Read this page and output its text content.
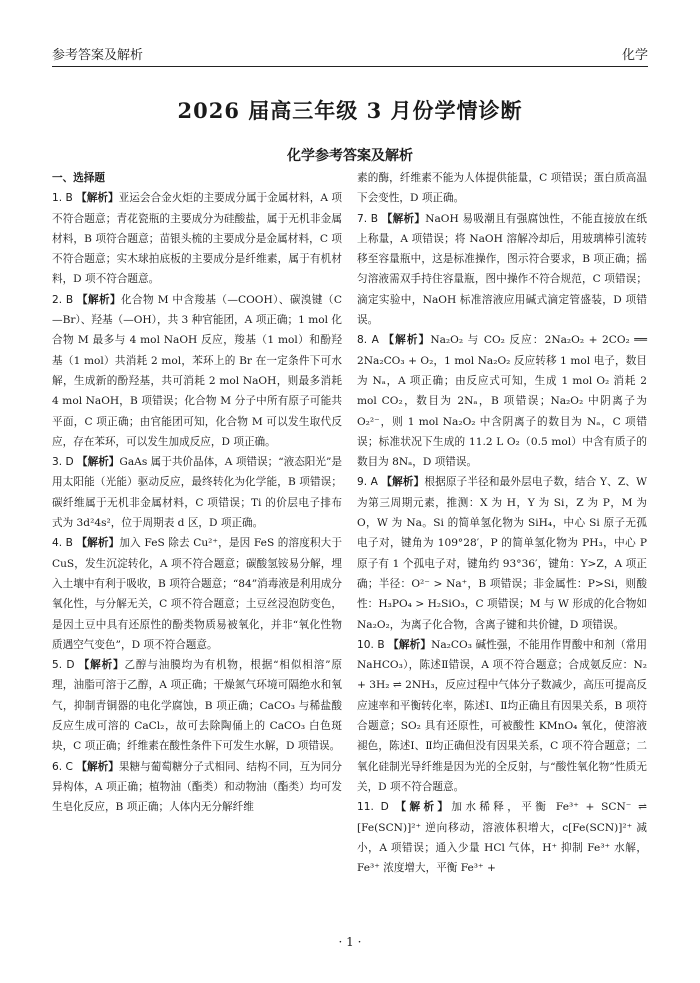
参考答案及解析	化学
2026 届高三年级 3 月份学情诊断
化学参考答案及解析
一、选择题

1. B 【解析】亚运会合金火炬的主要成分属于金属材料，A 项不符合题意；青花瓷瓶的主要成分为硅酸盐，属于无机非金属材料，B 项符合题意；苗银头梳的主要成分是金属材料，C 项不符合题意；实木球拍底板的主要成分是纤维素，属于有机材料，D 项不符合题意。

2. B 【解析】化合物 M 中含羧基（—COOH）、碳溴键（C—Br）、羟基（—OH），共 3 种官能团，A 项正确；1 mol 化合物 M 最多与 4 mol NaOH 反应，羧基（1 mol）和酚羟基（1 mol）共消耗 2 mol，苯环上的 Br 在一定条件下可水解，生成新的酚羟基，共可消耗 2 mol NaOH，则最多消耗 4 mol NaOH，B 项错误；化合物 M 分子中所有原子可能共平面，C 项正确；由官能团可知，化合物 M 可以发生取代反应，存在苯环，可以发生加成反应，D 项正确。

3. D 【解析】GaAs 属于共价晶体，A 项错误；“液态阳光”是用太阳能（光能）驱动反应，最终转化为化学能，B 项错误；碳纤维属于无机非金属材料，C 项错误；Ti 的价层电子排布式为 3d²4s²，位于周期表 d 区，D 项正确。

4. B 【解析】加入 FeS 除去 Cu²⁺，是因 FeS 的溶度积大于 CuS，发生沉淀转化，A 项不符合题意；碳酸氢铵易分解，埋入土壤中有利于吸收，B 项符合题意；“84”消毒液是利用成分氧化性，与分解无关，C 项不符合题意；土豆丝浸泡防变色，是因土豆中具有还原性的酚类物质易被氧化，并非“氧化性物质遇空气变色”，D 项不符合题意。

5. D 【解析】乙醇与油膜均为有机物，根据“相似相溶”原理，油脂可溶于乙醇，A 项正确；干燥氮气环境可隔绝水和氧气，抑制青铜器的电化学腐蚀，B 项正确；CaCO₃ 与稀盐酸反应生成可溶的 CaCl₂，故可去除陶俑上的 CaCO₃ 白色斑块，C 项正确；纤维素在酸性条件下可发生水解，D 项错误。

6. C 【解析】果糖与葡萄糖分子式相同、结构不同，互为同分异构体，A 项正确；植物油（酯类）和动物油（酯类）均可发生皂化反应，B 项正确；人体内无分解纤维

素的酶，纤维素不能为人体提供能量，C 项错误；蛋白质高温下会变性，D 项正确。

7. B 【解析】NaOH 易吸潮且有强腐蚀性，不能直接放在纸上称量，A 项错误；将 NaOH 溶解冷却后，用玻璃棒引流转移至容量瓶中，这是标准操作，图示符合要求，B 项正确；摇匀溶液需双手持住容量瓶，图中操作不符合规范，C 项错误；滴定实验中，NaOH 标准溶液应用碱式滴定管盛装，D 项错误。

8. A 【解析】Na₂O₂ 与 CO₂ 反应：2Na₂O₂ + 2CO₂ ══ 2Na₂CO₃ + O₂，1 mol Na₂O₂ 反应转移 1 mol 电子，数目为 Nₐ，A 项正确；由反应式可知，生成 1 mol O₂ 消耗 2 mol CO₂，数目为 2Nₐ，B 项错误；Na₂O₂ 中阴离子为 O₂²⁻，则 1 mol Na₂O₂ 中含阴离子的数目为 Nₐ，C 项错误；标准状况下生成的 11.2 L O₂（0.5 mol）中含有质子的数目为 8Nₐ，D 项错误。

9. A 【解析】根据原子半径和最外层电子数，结合 Y、Z、W 为第三周期元素，推测：X 为 H，Y 为 Si，Z 为 P，M 为 O，W 为 Na。Si 的简单氢化物为 SiH₄，中心 Si 原子无孤电子对，键角为 109°28′，P 的简单氢化物为 PH₃，中心 P 原子有 1 个孤电子对，键角约 93°36′，键角：Y>Z，A 项正确；半径：O²⁻ > Na⁺，B 项错误；非金属性：P>Si，则酸性：H₃PO₄ > H₂SiO₃，C 项错误；M 与 W 形成的化合物如 Na₂O₂，为离子化合物，含离子键和共价键，D 项错误。

10. B 【解析】Na₂CO₃ 碱性强，不能用作胃酸中和剂（常用 NaHCO₃），陈述Ⅱ错误，A 项不符合题意；合成氨反应：N₂ + 3H₂ ⇌ 2NH₃，反应过程中气体分子数减少，高压可提高反应速率和平衡转化率，陈述Ⅰ、Ⅱ均正确且有因果关系，B 项符合题意；SO₂ 具有还原性，可被酸性 KMnO₄ 氧化，使溶液褪色，陈述Ⅰ、Ⅱ均正确但没有因果关系，C 项不符合题意；二氧化硅制光导纤维是因为光的全反射，与“酸性氧化物”性质无关，D 项不符合题意。

11. D 【解析】加水稀释，平衡 Fe³⁺ + SCN⁻ ⇌ [Fe(SCN)]²⁺ 逆向移动，溶液体积增大，c[Fe(SCN)]²⁺ 减小，A 项错误；通入少量 HCl 气体，H⁺ 抑制 Fe³⁺ 水解，Fe³⁺ 浓度增大，平衡 Fe³⁺ +

· 1 ·
